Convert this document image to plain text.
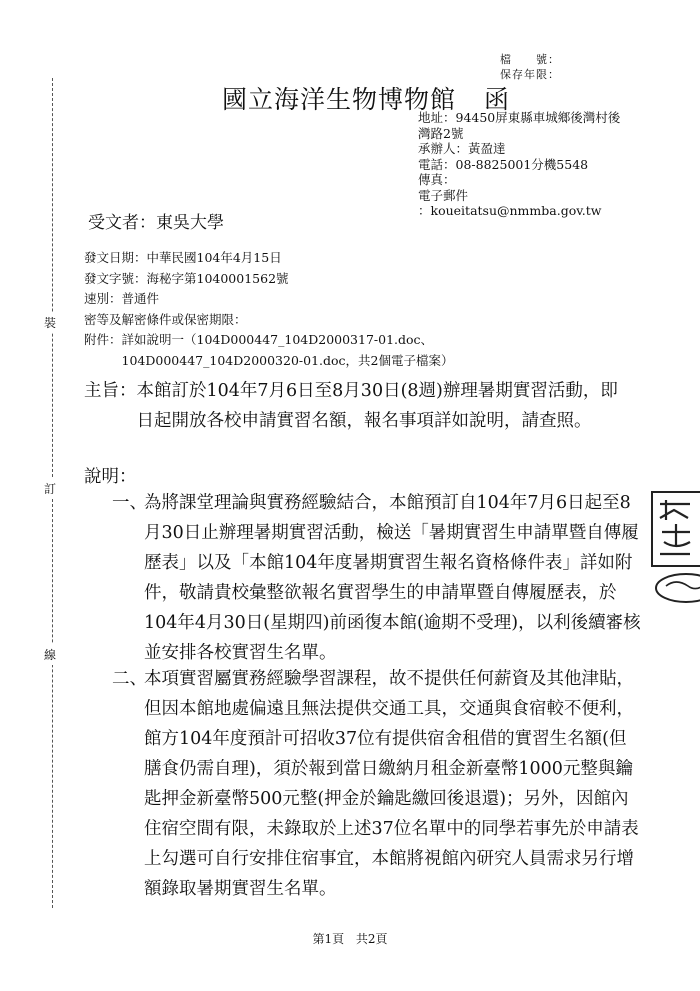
裝
訂
線
檔　　號：
保存年限：
國立海洋生物博物館 函
地址：94450屏東縣車城鄉後灣村後灣路2號
承辦人：黃盈達
電話：08-8825001分機5548
傳真：
電子郵件
：koueitatsu@nmmba.gov.tw
受文者：東吳大學
發文日期：中華民國104年4月15日
發文字號：海秘字第1040001562號
速別：普通件
密等及解密條件或保密期限：
附件： 詳如說明一（104D000447_104D2000317-01.doc、104D000447_104D2000320-01.doc，共2個電子檔案）
主旨： 本館訂於104年7月6日至8月30日(8週)辦理暑期實習活動，即日起開放各校申請實習名額，報名事項詳如說明，請查照。
說明：
一、
為將課堂理論與實務經驗結合，本館預訂自104年7月6日起至8月30日止辦理暑期實習活動，檢送「暑期實習生申請單暨自傳履歷表」以及「本館104年度暑期實習生報名資格條件表」詳如附件，敬請貴校彙整欲報名實習學生的申請單暨自傳履歷表，於104年4月30日(星期四)前函復本館(逾期不受理)，以利後續審核並安排各校實習生名單。
二、
本項實習屬實務經驗學習課程，故不提供任何薪資及其他津貼，但因本館地處偏遠且無法提供交通工具，交通與食宿較不便利，館方104年度預計可招收37位有提供宿舍租借的實習生名額(但膳食仍需自理)，須於報到當日繳納月租金新臺幣1000元整與鑰匙押金新臺幣500元整(押金於鑰匙繳回後退還)；另外，因館內住宿空間有限，未錄取於上述37位名單中的同學若事先於申請表上勾選可自行安排住宿事宜，本館將視館內研究人員需求另行增額錄取暑期實習生名單。
第1頁 共2頁
